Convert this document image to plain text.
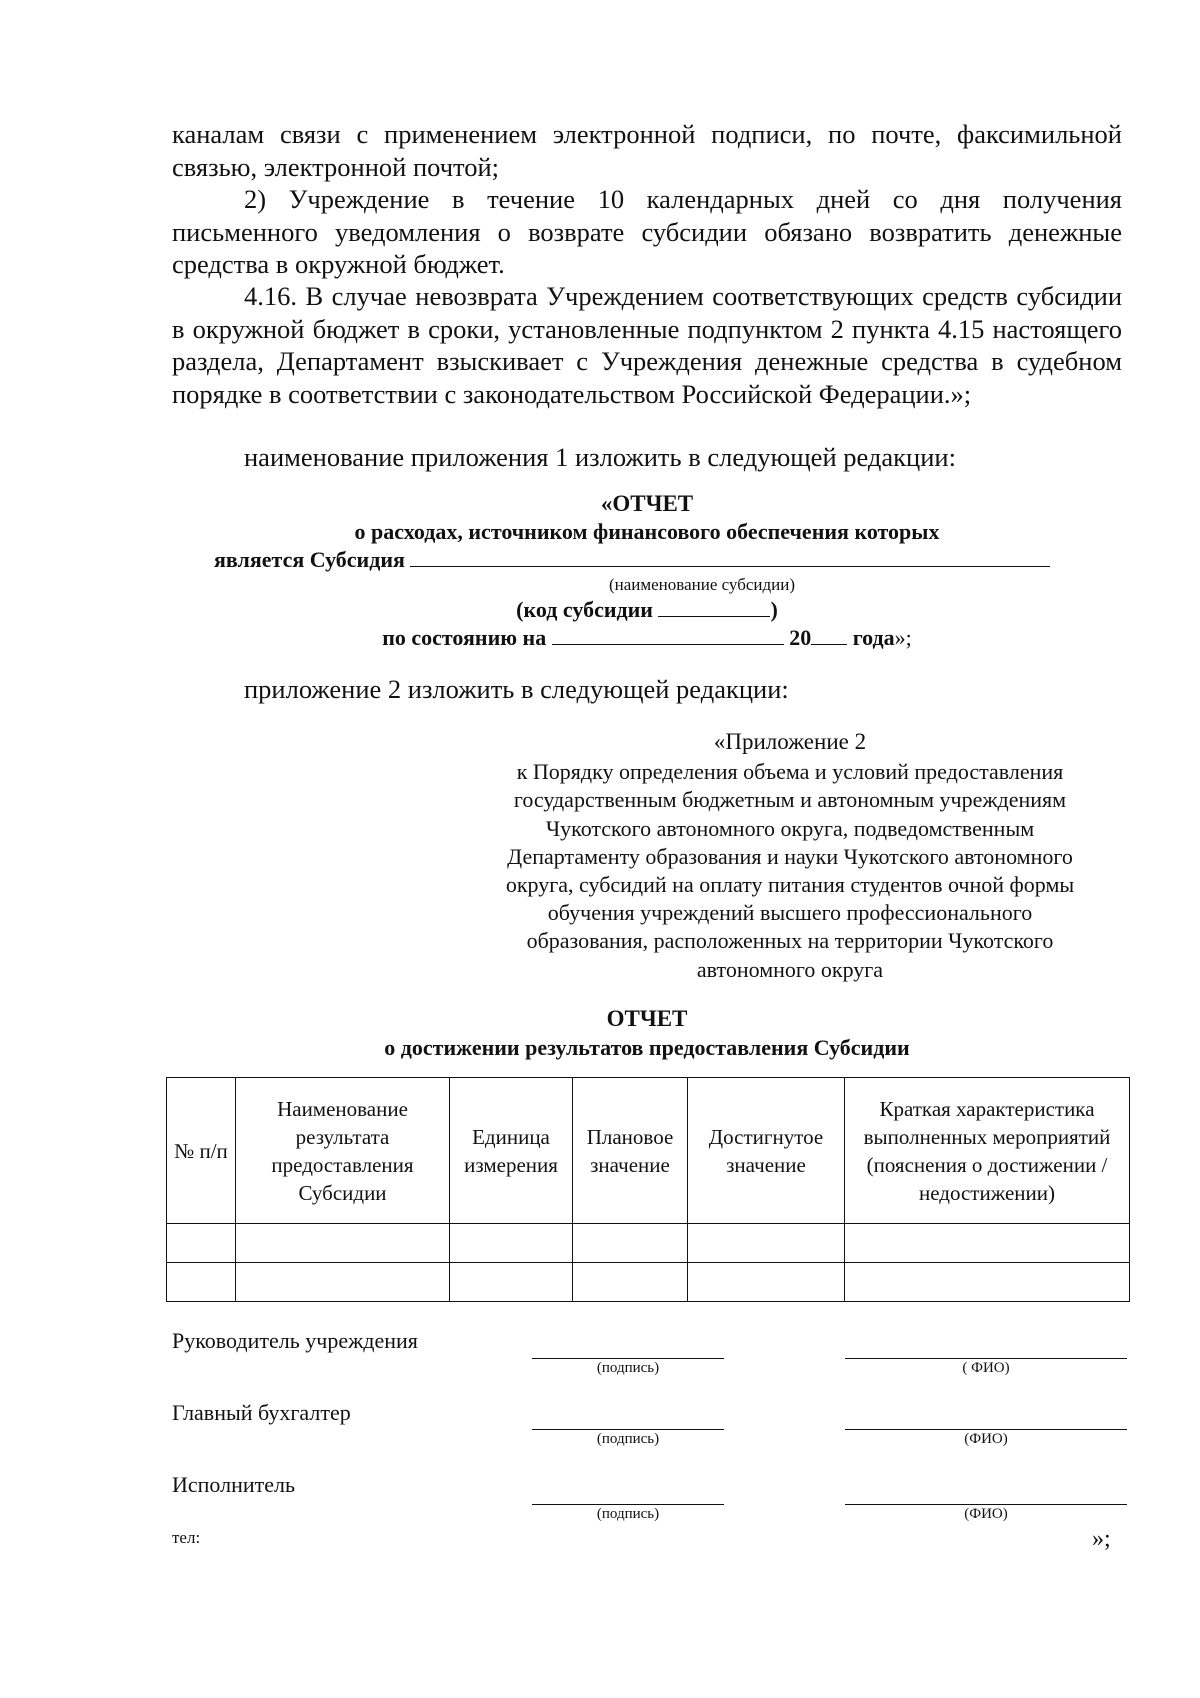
каналам связи с применением электронной подписи, по почте, факсимильной связью, электронной почтой;
2) Учреждение в течение 10 календарных дней со дня получения письменного уведомления о возврате субсидии обязано возвратить денежные средства в окружной бюджет.
4.16. В случае невозврата Учреждением соответствующих средств субсидии в окружной бюджет в сроки, установленные подпунктом 2 пункта 4.15 настоящего раздела, Департамент взыскивает с Учреждения денежные средства в судебном порядке в соответствии с законодательством Российской Федерации.»;
наименование приложения 1 изложить в следующей редакции:
«ОТЧЕТ
о расходах, источником финансового обеспечения которых
является Субсидия
(наименование субсидии)
(код субсидии	)
по состоянию на	20 года»;
приложение 2 изложить в следующей редакции:
«Приложение 2
к Порядку определения объема и условий предоставления
государственным бюджетным и автономным учреждениям
Чукотского автономного округа, подведомственным
Департаменту образования и науки Чукотского автономного
округа, субсидий на оплату питания студентов очной формы
обучения учреждений высшего профессионального
образования, расположенных на территории Чукотского
автономного округа
ОТЧЕТ
о достижении результатов предоставления Субсидии
№ п/п	Наименование результата предоставления Субсидии	Единица измерения	Плановое значение	Достигнутое значение	Краткая характеристика выполненных мероприятий (пояснения о достижении / недостижении)

Руководитель учреждения
(подпись)	( ФИО)
Главный бухгалтер
(подпись)	(ФИО)
Исполнитель
(подпись)	(ФИО)
тел:	»;
